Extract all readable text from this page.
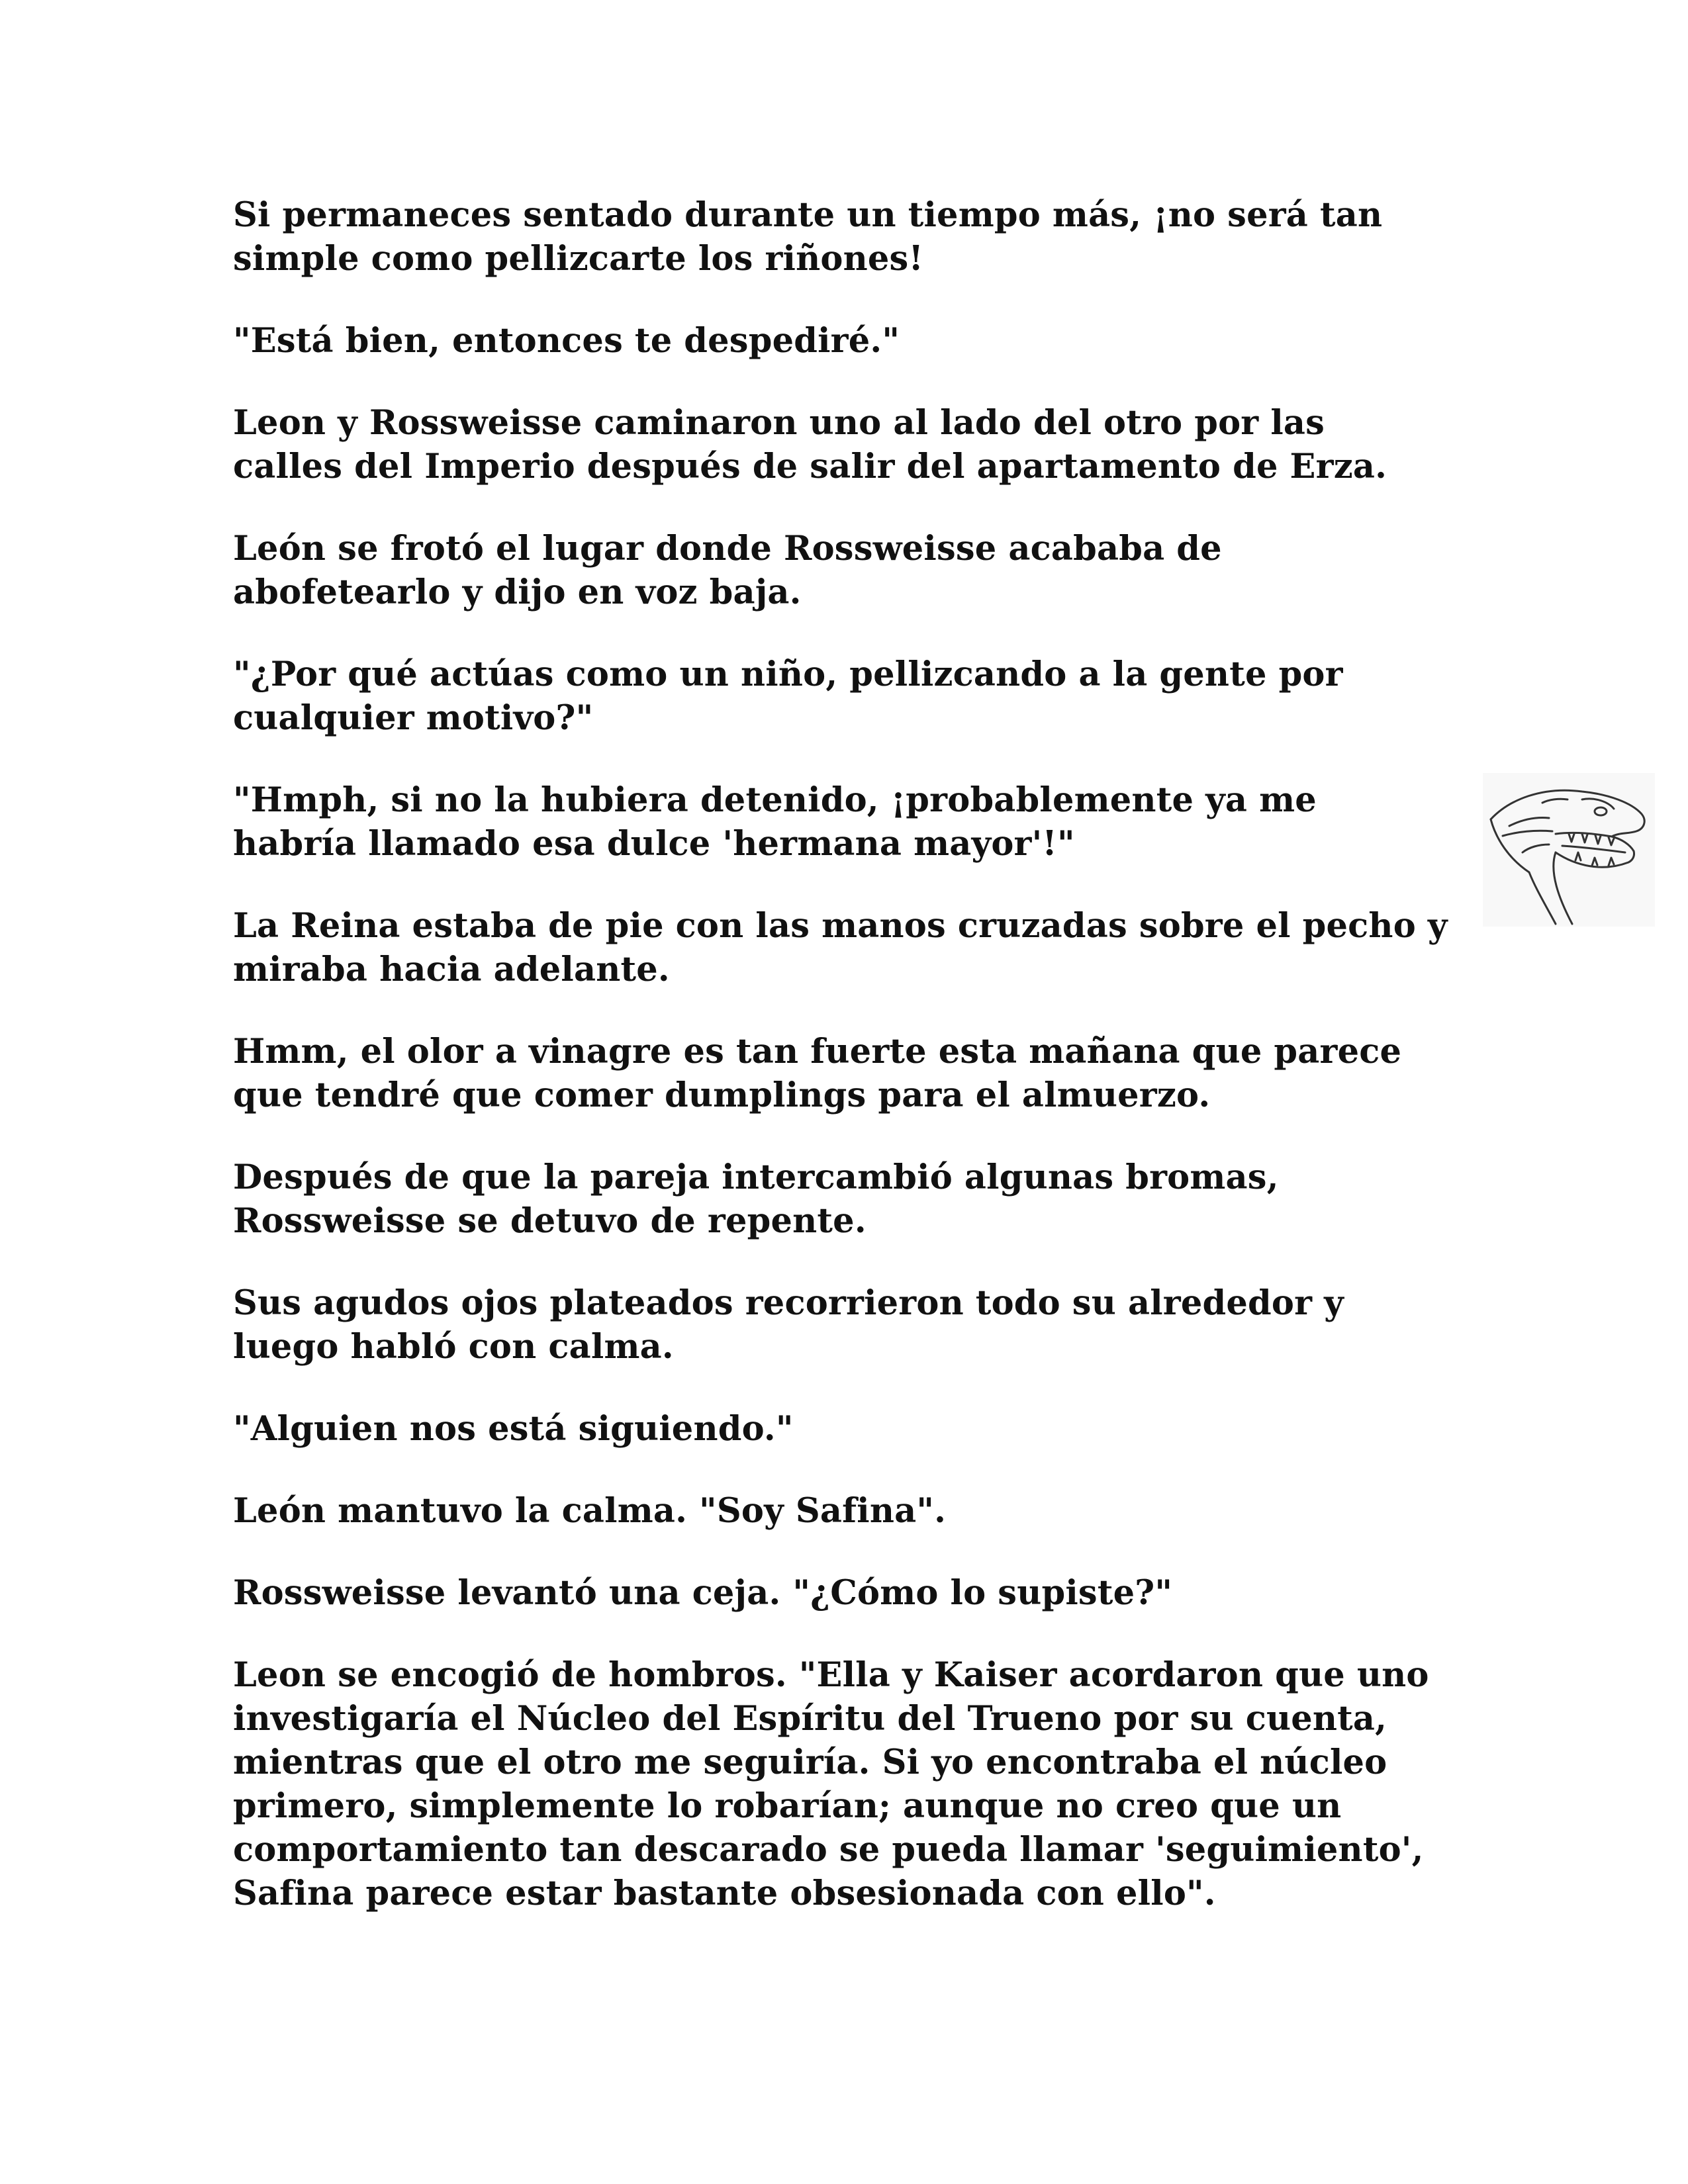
Si permaneces sentado durante un tiempo más, ¡no será tan
simple como pellizcarte los riñones!

"Está bien, entonces te despediré."

Leon y Rossweisse caminaron uno al lado del otro por las
calles del Imperio después de salir del apartamento de Erza.

León se frotó el lugar donde Rossweisse acababa de
abofetearlo y dijo en voz baja.

"¿Por qué actúas como un niño, pellizcando a la gente por
cualquier motivo?"

"Hmph, si no la hubiera detenido, ¡probablemente ya me
habría llamado esa dulce 'hermana mayor'!"

La Reina estaba de pie con las manos cruzadas sobre el pecho y
miraba hacia adelante.

Hmm, el olor a vinagre es tan fuerte esta mañana que parece
que tendré que comer dumplings para el almuerzo.

Después de que la pareja intercambió algunas bromas,
Rossweisse se detuvo de repente.

Sus agudos ojos plateados recorrieron todo su alrededor y
luego habló con calma.

"Alguien nos está siguiendo."

León mantuvo la calma. "Soy Safina".

Rossweisse levantó una ceja. "¿Cómo lo supiste?"

Leon se encogió de hombros. "Ella y Kaiser acordaron que uno
investigaría el Núcleo del Espíritu del Trueno por su cuenta,
mientras que el otro me seguiría. Si yo encontraba el núcleo
primero, simplemente lo robarían; aunque no creo que un
comportamiento tan descarado se pueda llamar 'seguimiento',
Safina parece estar bastante obsesionada con ello".
